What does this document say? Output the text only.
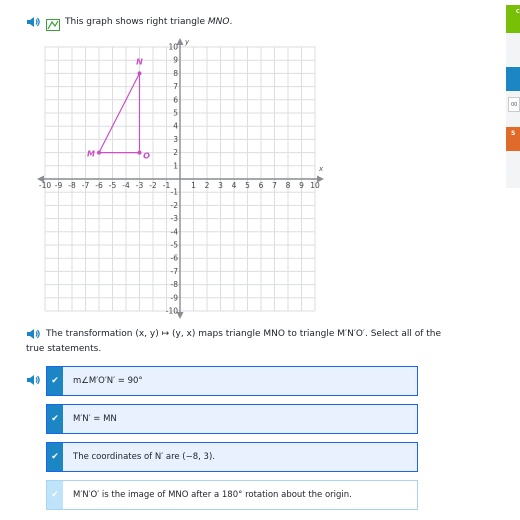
This graph shows right triangle MNO.
x
y
-10 -9 -8 -7 -6 -5 -4 -3 -2 -1	1 2 3 4 5 6 7 8 9 10
-10
-9
-8
-7
-6
-5
-4
-3
-2
-1
1
2
3
4
5
6
7
8
9
10
M
N
O
The transformation (x, y) ↦ (y, x) maps triangle MNO to triangle M′N′O′. Select all of the
true statements.
✔ m∠M′O′N′ = 90°
✔ M′N′ = MN
✔ The coordinates of N′ are (−8, 3).
✔ M′N′O′ is the image of MNO after a 180° rotation about the origin.
C
00
S
